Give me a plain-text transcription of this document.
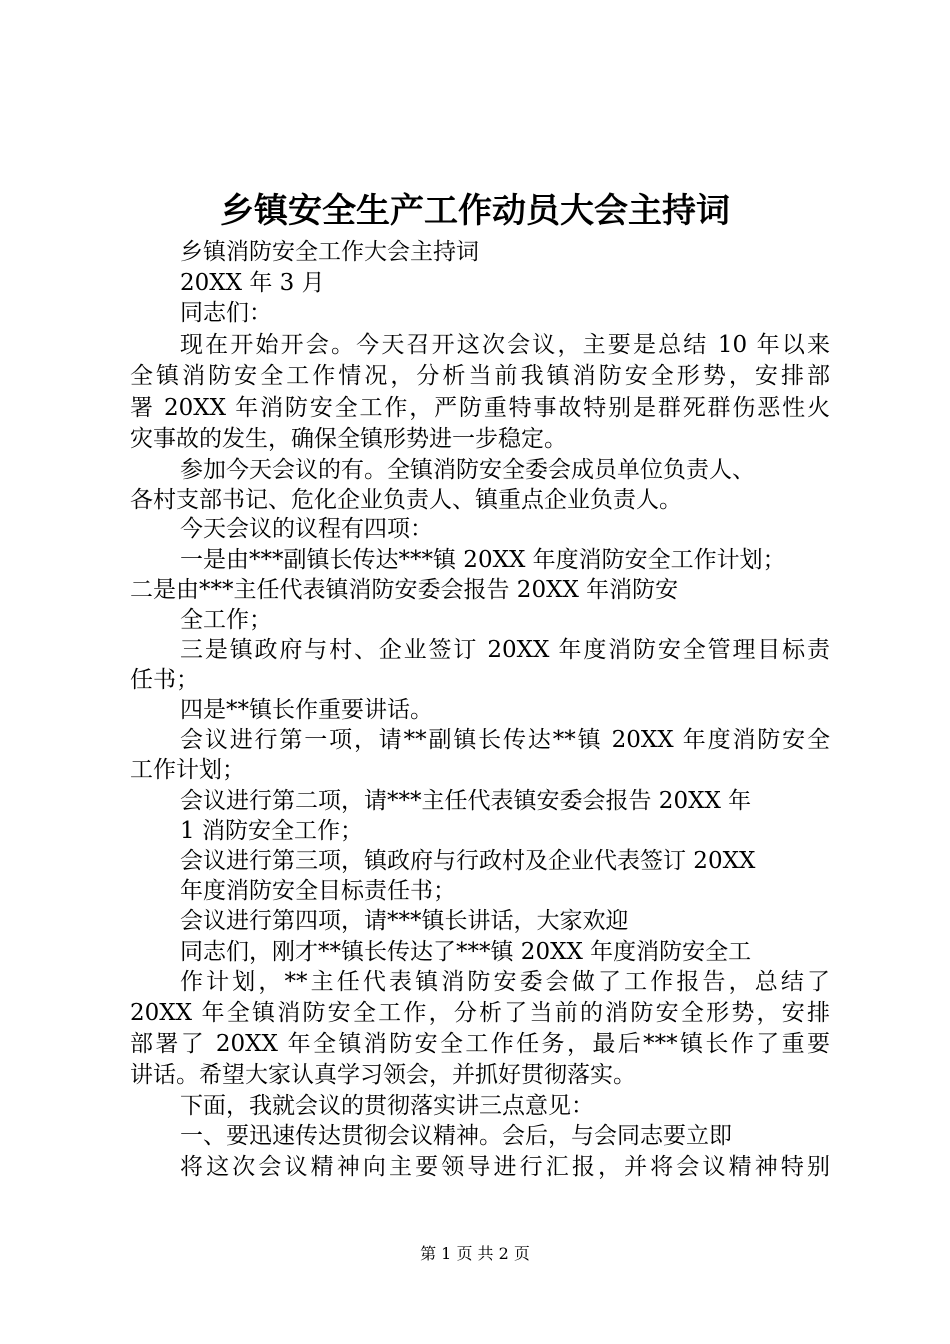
乡镇安全生产工作动员大会主持词

乡镇消防安全工作大会主持词

20XX 年 3 月

同志们：

现在开始开会。今天召开这次会议，主要是总结 10 年以来

全镇消防安全工作情况，分析当前我镇消防安全形势，安排部

署 20XX 年消防安全工作，严防重特事故特别是群死群伤恶性火

灾事故的发生，确保全镇形势进一步稳定。

参加今天会议的有。全镇消防安全委会成员单位负责人、

各村支部书记、危化企业负责人、镇重点企业负责人。

今天会议的议程有四项：

一是由***副镇长传达***镇 20XX 年度消防安全工作计划；

二是由***主任代表镇消防安委会报告 20XX 年消防安

全工作；

三是镇政府与村、企业签订 20XX 年度消防安全管理目标责

任书；

四是**镇长作重要讲话。

会议进行第一项，请**副镇长传达**镇 20XX 年度消防安全

工作计划；

会议进行第二项，请***主任代表镇安委会报告 20XX 年

1 消防安全工作；

会议进行第三项，镇政府与行政村及企业代表签订 20XX

年度消防安全目标责任书；

会议进行第四项，请***镇长讲话，大家欢迎

同志们，刚才**镇长传达了***镇 20XX 年度消防安全工

作计划，**主任代表镇消防安委会做了工作报告，总结了

20XX 年全镇消防安全工作，分析了当前的消防安全形势，安排

部署了 20XX 年全镇消防安全工作任务，最后***镇长作了重要

讲话。希望大家认真学习领会，并抓好贯彻落实。

下面，我就会议的贯彻落实讲三点意见：

一、要迅速传达贯彻会议精神。会后，与会同志要立即

将这次会议精神向主要领导进行汇报，并将会议精神特别

第 1 页 共 2 页
